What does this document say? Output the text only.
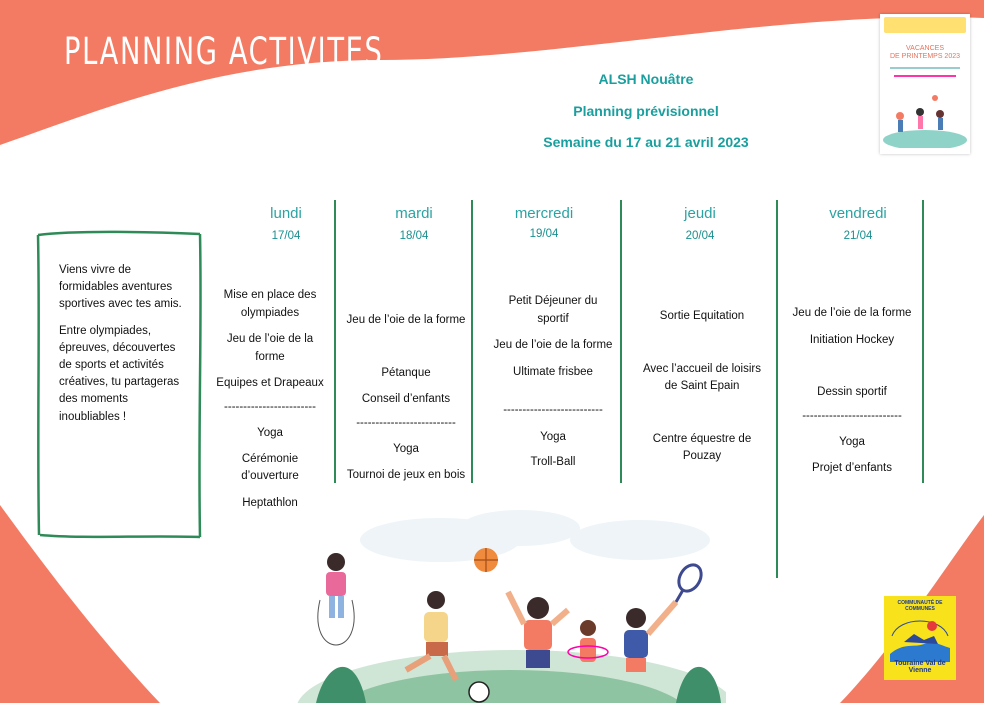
PLANNING ACTIVITES
ALSH Nouâtre
Planning prévisionnel
Semaine du 17 au 21 avril 2023
VACANCES
DE PRINTEMPS 2023

Viens vivre de formidables aventures sportives avec tes amis.

Entre olympiades, épreuves, découvertes de sports et activités créatives, tu partageras des moments inoubliables !

lundi
17/04
mardi
18/04
mercredi
19/04
jeudi
20/04
vendredi
21/04
Mise en place des olympiades
Jeu de l’oie de la forme
Equipes et Drapeaux
------------------------
Yoga
Cérémonie d’ouverture
Heptathlon
Jeu de l’oie de la forme
Pétanque
Conseil d’enfants
--------------------------
Yoga
Tournoi de jeux en bois
Petit Déjeuner du sportif
Jeu de l’oie de la forme
Ultimate frisbee
--------------------------
Yoga
Troll-Ball
Sortie Equitation
Avec l’accueil de loisirs de Saint Epain
Centre équestre de Pouzay
Jeu de l’oie de la forme
Initiation Hockey
Dessin sportif
--------------------------
Yoga
Projet d’enfants
COMMUNAUTÉ DE COMMUNES
Touraine Val de Vienne
